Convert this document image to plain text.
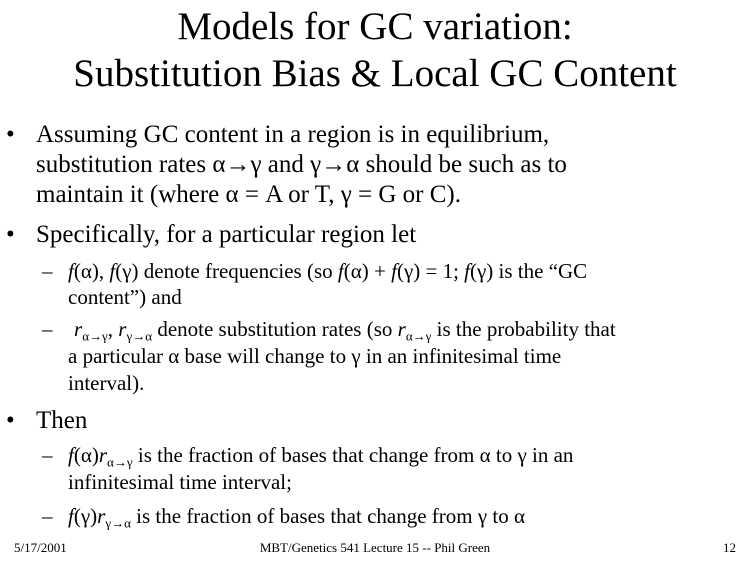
Models for GC variation:
Substitution Bias & Local GC Content
• Assuming GC content in a region is in equilibrium,
substitution rates α→γ and γ→α should be such as to
maintain it (where α = A or T, γ = G or C).
• Specifically, for a particular region let
– f(α), f(γ) denote frequencies (so f(α) + f(γ) = 1; f(γ) is the “GC
content”) and
– $r_{\alpha\to\gamma}$, $r_{\gamma\to\alpha}$ denote substitution rates (so $r_{\alpha\to\gamma}$ is the probability that
a particular α base will change to γ in an infinitesimal time
interval).
• Then
– $f(\alpha)r_{\alpha\to\gamma}$ is the fraction of bases that change from α to γ in an
infinitesimal time interval;
– $f(\gamma)r_{\gamma\to\alpha}$ is the fraction of bases that change from γ to α
5/17/2001	MBT/Genetics 541 Lecture 15 -- Phil Green	12
